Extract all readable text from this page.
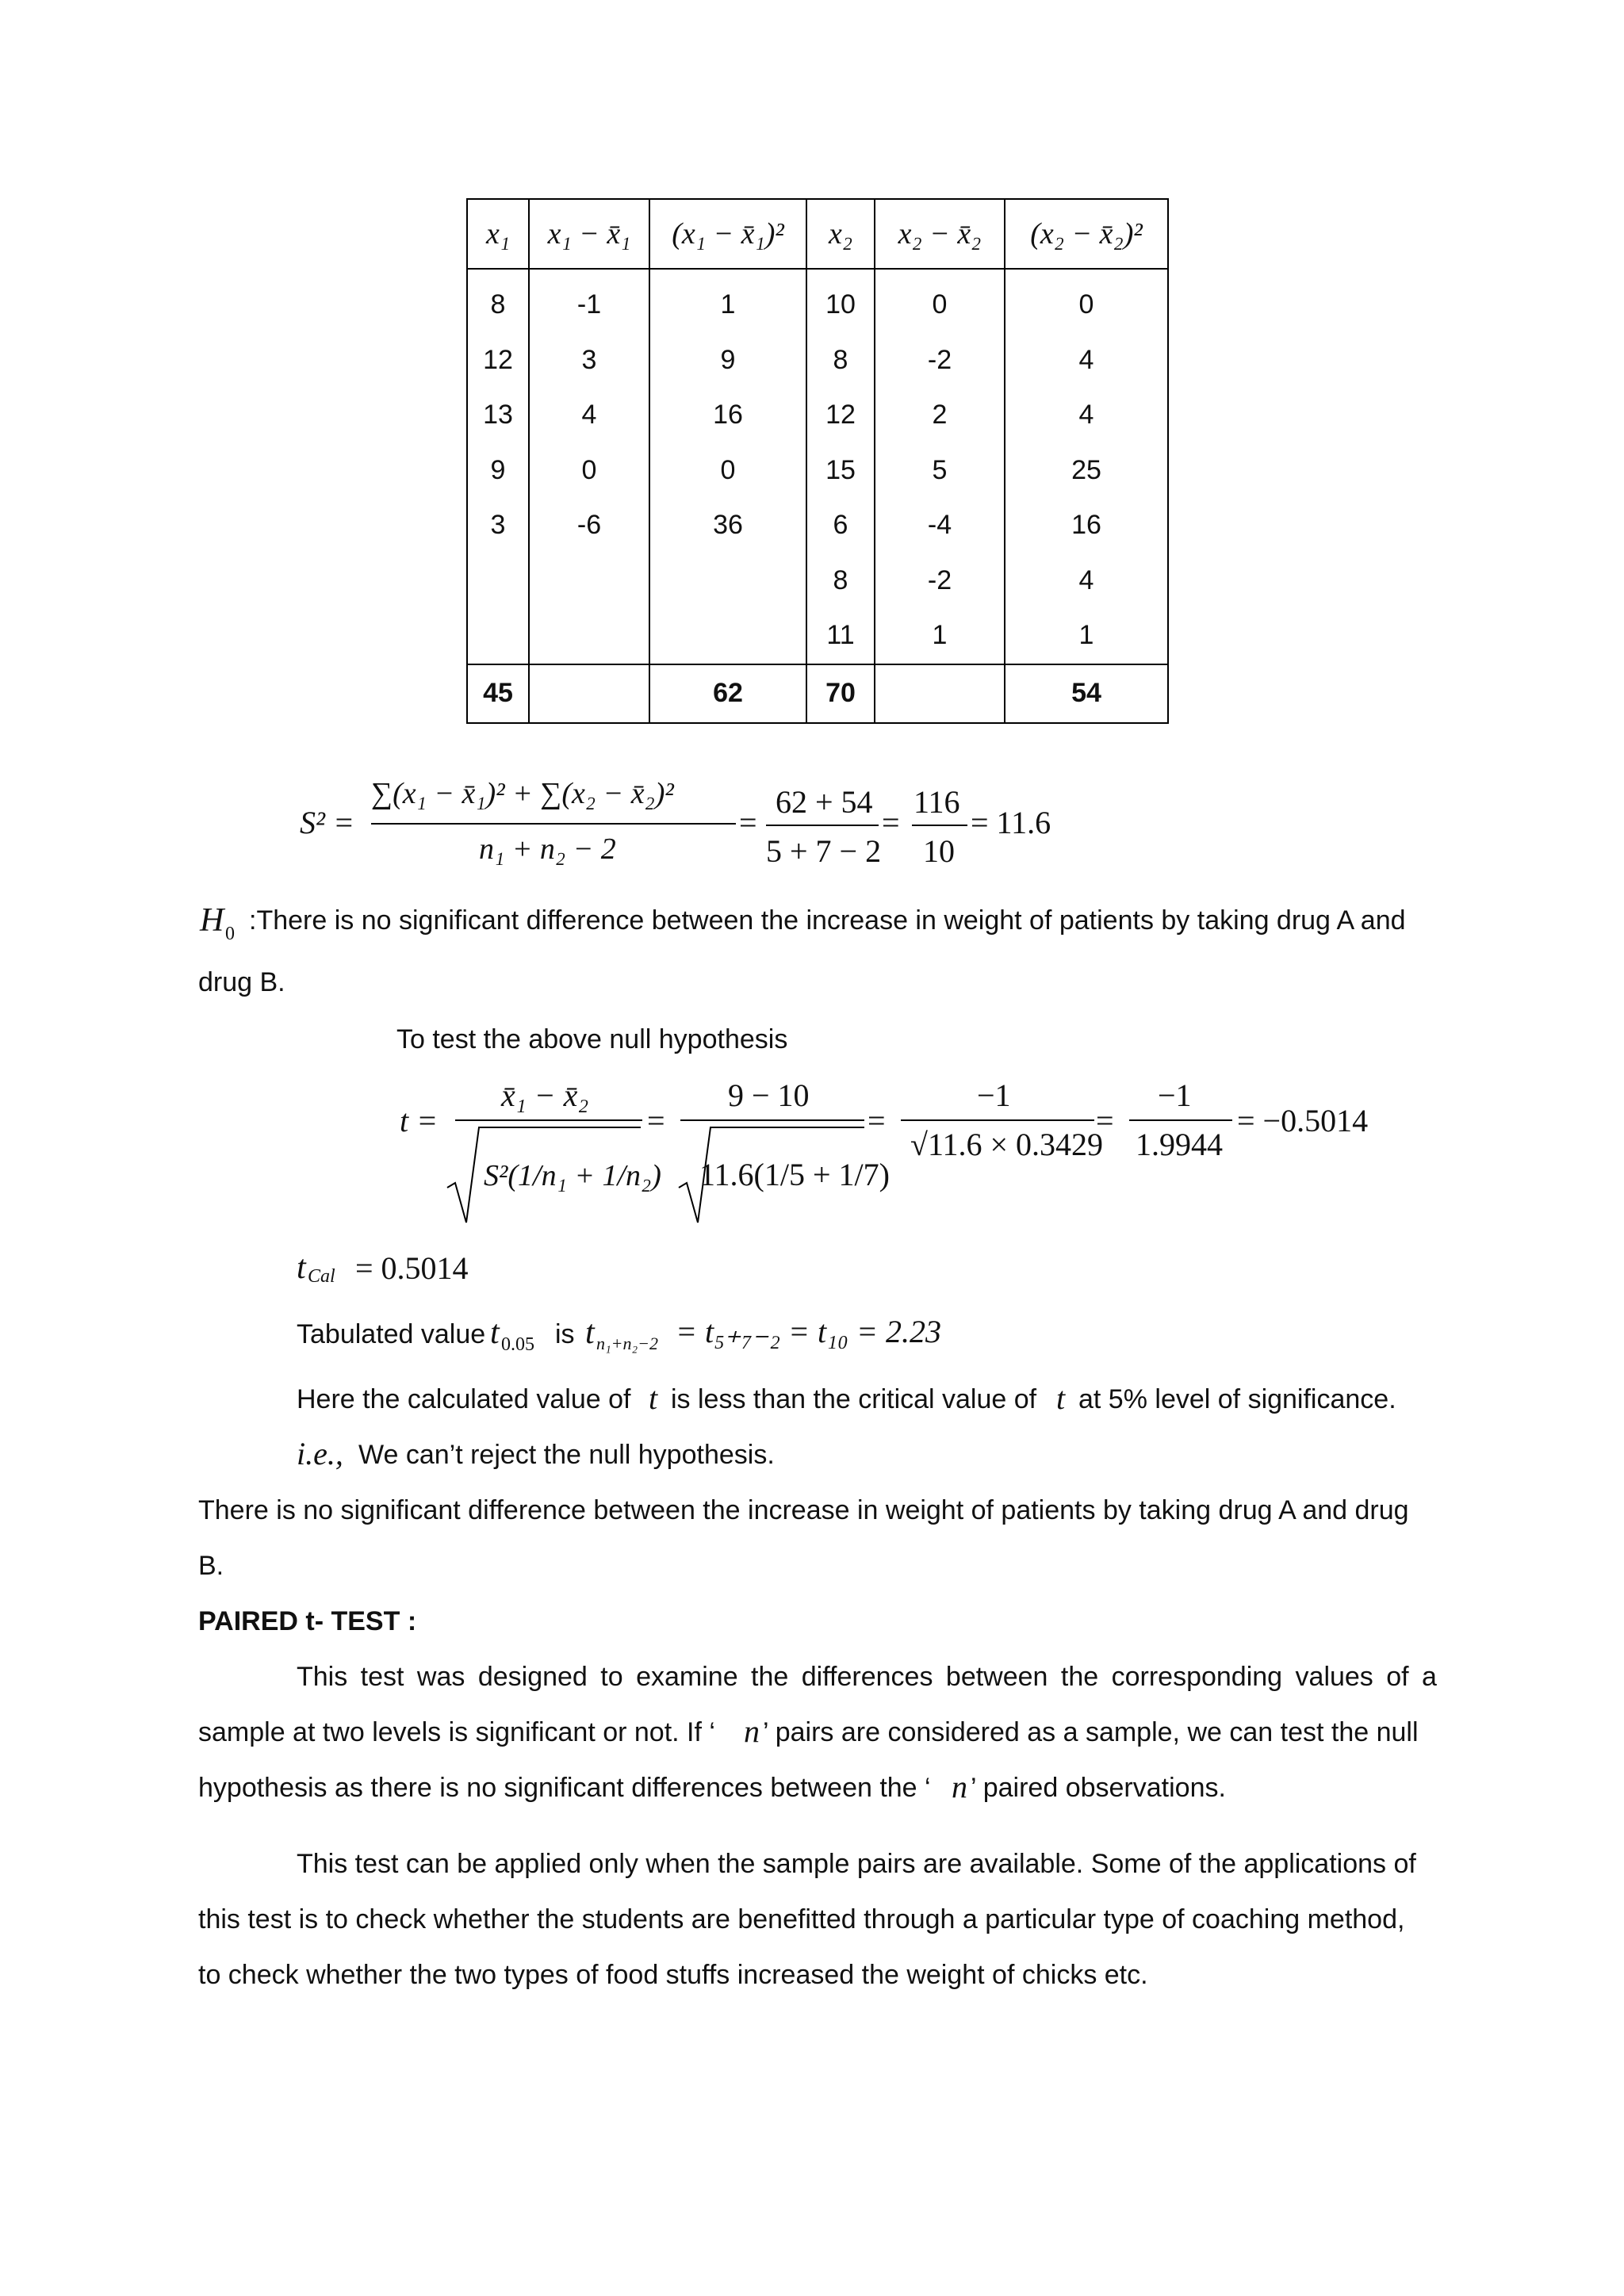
x₁	x₁ − x̄₁	(x₁ − x̄₁)²	x₂	x₂ − x̄₂	(x₂ − x̄₂)²
8	-1	1	10	0	0
12	3	9	8	-2	4
13	4	16	12	2	4
9	0	0	15	5	25
3	-6	36	6	-4	16
			8	-2	4
			11	1	1
45		62	70		54
S² =
∑(x₁ − x̄₁)² + ∑(x₂ − x̄₂)²
n₁ + n₂ − 2
=
62 + 54
5 + 7 − 2
=
116
10
= 11.6
H 0 :There is no significant difference between the increase in weight of patients by taking drug A and
drug B.
To test the above null hypothesis
t =
x̄₁ − x̄₂
S²(1/n₁ + 1/n₂)
=
9 − 10
11.6(1/5 + 1/7)
=
−1
√11.6 × 0.3429
=
−1
1.9944
= −0.5014
t Cal = 0.5014
Tabulated value t 0.05 is t n₁+n₂−2 = t₅₊₇₋₂ = t₁₀ = 2.23
Here the calculated value of t is less than the critical value of t at 5% level of significance.
i.e., We can’t reject the null hypothesis.
There is no significant difference between the increase in weight of patients by taking drug A and drug
B.
PAIRED t- TEST :
This test was designed to examine the differences between the corresponding values of a
sample at two levels is significant or not. If ‘ n ’ pairs are considered as a sample, we can test the null
hypothesis as there is no significant differences between the ‘ n ’ paired observations.
This test can be applied only when the sample pairs are available. Some of the applications of
this test is to check whether the students are benefitted through a particular type of coaching method,
to check whether the two types of food stuffs increased the weight of chicks etc.
